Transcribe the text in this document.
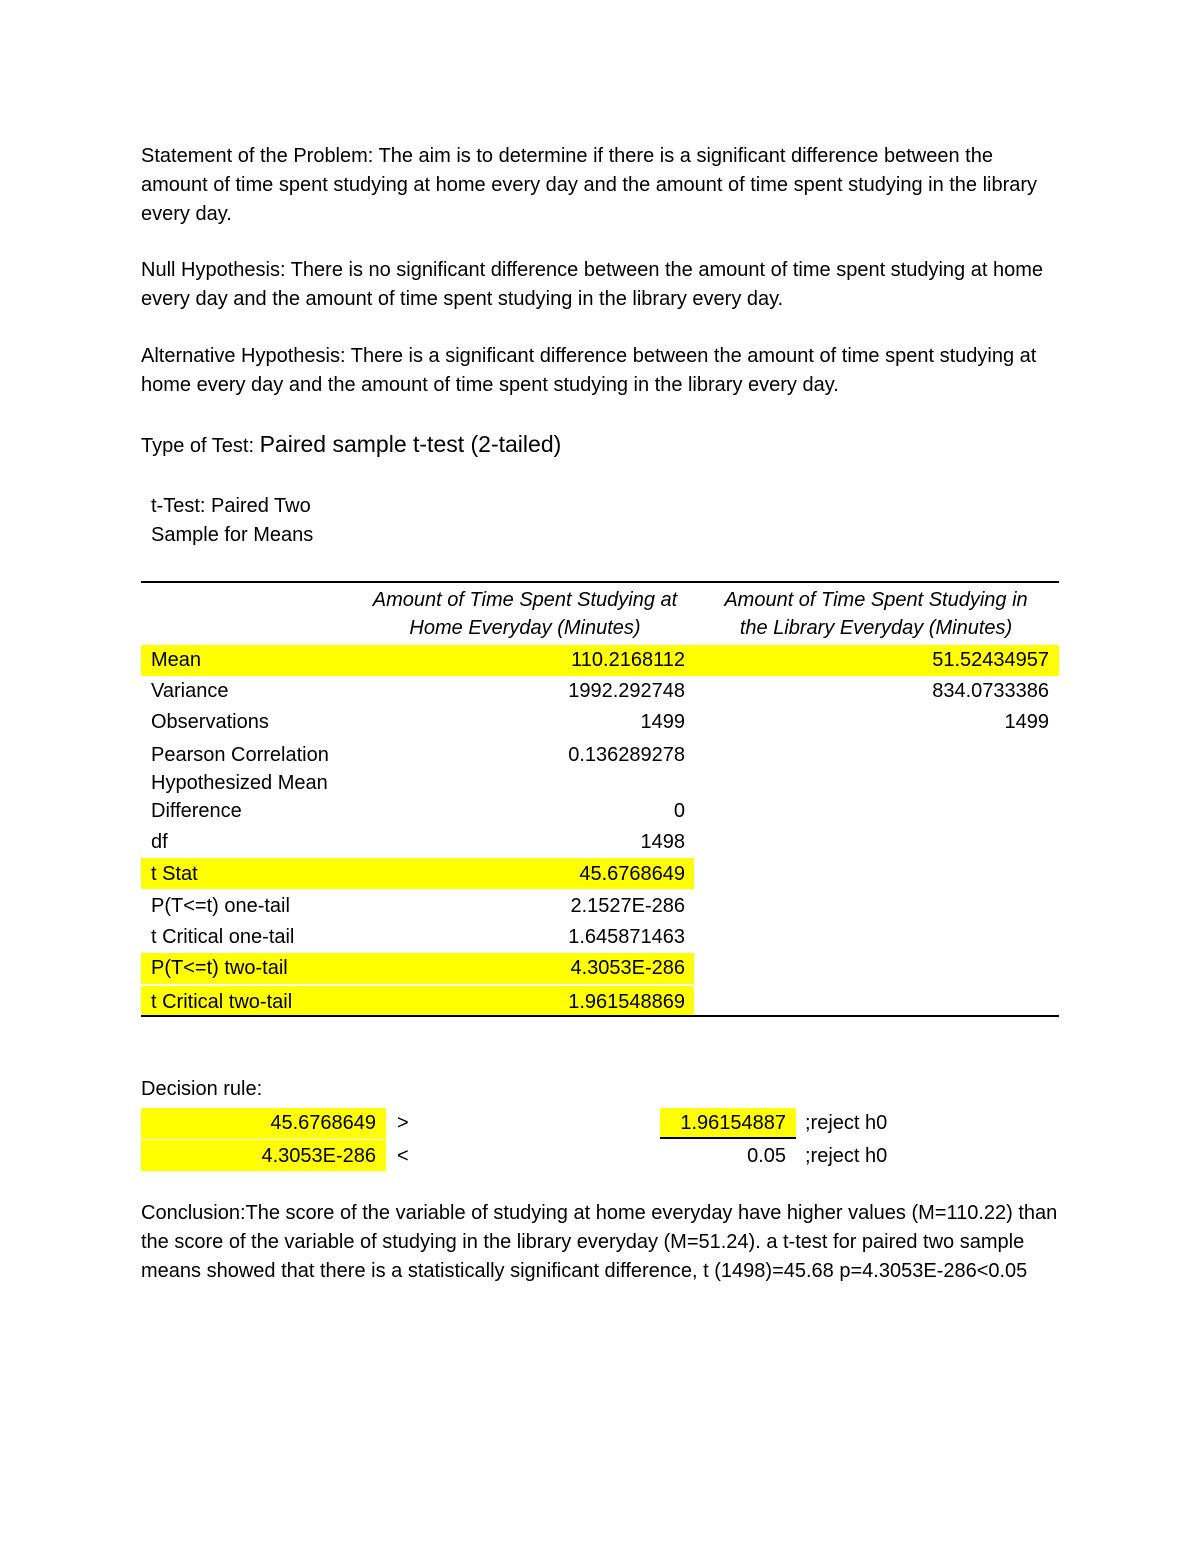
Statement of the Problem: The aim is to determine if there is a significant difference between the amount of time spent studying at home every day and the amount of time spent studying in the library every day.

Null Hypothesis: There is no significant difference between the amount of time spent studying at home every day and the amount of time spent studying in the library every day.

Alternative Hypothesis: There is a significant difference between the amount of time spent studying at home every day and the amount of time spent studying in the library every day.

Type of Test: Paired sample t-test (2-tailed)

t-Test: Paired Two
Sample for Means
Amount of Time Spent Studying at
Home Everyday (Minutes)
Amount of Time Spent Studying in
the Library Everyday (Minutes)
Mean	110.2168112	51.52434957
Variance	1992.292748	834.0733386
Observations	1499	1499
Pearson Correlation	0.136289278
Hypothesized Mean
Difference	0
df	1498
t Stat	45.6768649
P(T<=t) one-tail	2.1527E-286
t Critical one-tail	1.645871463
P(T<=t) two-tail	4.3053E-286
t Critical two-tail	1.961548869
Decision rule:
45.6768649 >	1.96154887 ;reject h0
4.3053E-286 <	0.05 ;reject h0

Conclusion:The score of the variable of studying at home everyday have higher values (M=110.22) than the score of the variable of studying in the library everyday (M=51.24). a t-test for paired two sample means showed that there is a statistically significant difference, t (1498)=45.68 p=4.3053E-286<0.05
